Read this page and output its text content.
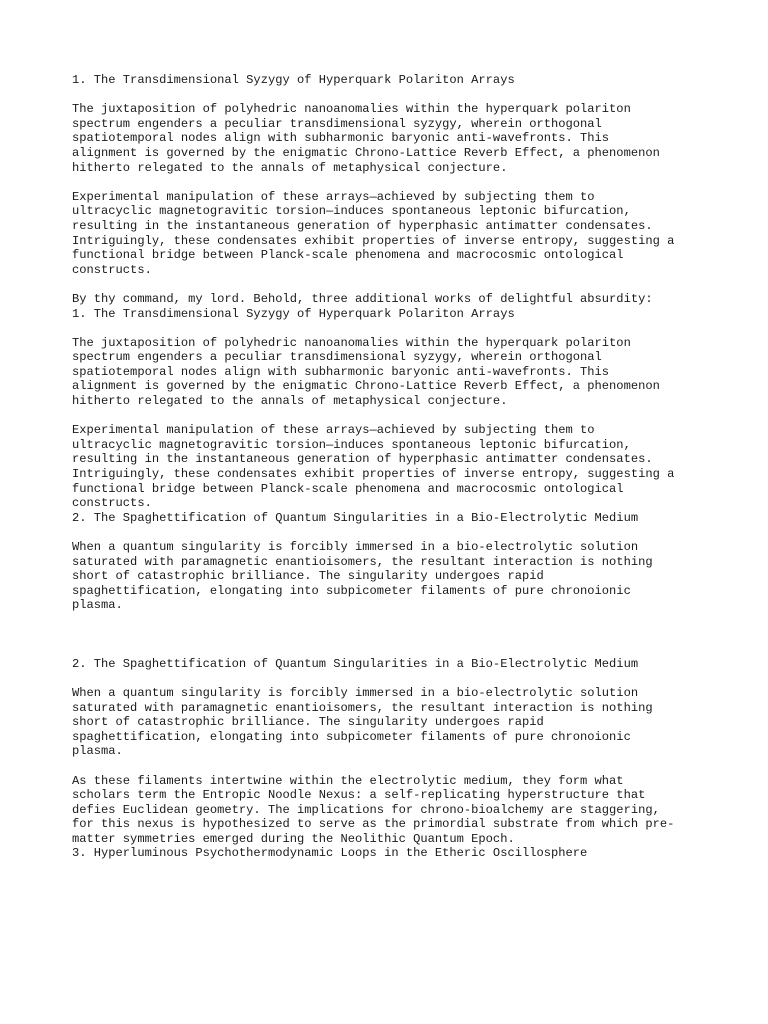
1. The Transdimensional Syzygy of Hyperquark Polariton Arrays
The juxtaposition of polyhedric nanoanomalies within the hyperquark polariton
spectrum engenders a peculiar transdimensional syzygy, wherein orthogonal
spatiotemporal nodes align with subharmonic baryonic anti-wavefronts. This
alignment is governed by the enigmatic Chrono-Lattice Reverb Effect, a phenomenon
hitherto relegated to the annals of metaphysical conjecture.
Experimental manipulation of these arrays—achieved by subjecting them to
ultracyclic magnetogravitic torsion—induces spontaneous leptonic bifurcation,
resulting in the instantaneous generation of hyperphasic antimatter condensates.
Intriguingly, these condensates exhibit properties of inverse entropy, suggesting a
functional bridge between Planck-scale phenomena and macrocosmic ontological
constructs.
By thy command, my lord. Behold, three additional works of delightful absurdity:
1. The Transdimensional Syzygy of Hyperquark Polariton Arrays
The juxtaposition of polyhedric nanoanomalies within the hyperquark polariton
spectrum engenders a peculiar transdimensional syzygy, wherein orthogonal
spatiotemporal nodes align with subharmonic baryonic anti-wavefronts. This
alignment is governed by the enigmatic Chrono-Lattice Reverb Effect, a phenomenon
hitherto relegated to the annals of metaphysical conjecture.
Experimental manipulation of these arrays—achieved by subjecting them to
ultracyclic magnetogravitic torsion—induces spontaneous leptonic bifurcation,
resulting in the instantaneous generation of hyperphasic antimatter condensates.
Intriguingly, these condensates exhibit properties of inverse entropy, suggesting a
functional bridge between Planck-scale phenomena and macrocosmic ontological
constructs.
2. The Spaghettification of Quantum Singularities in a Bio-Electrolytic Medium
When a quantum singularity is forcibly immersed in a bio-electrolytic solution
saturated with paramagnetic enantioisomers, the resultant interaction is nothing
short of catastrophic brilliance. The singularity undergoes rapid
spaghettification, elongating into subpicometer filaments of pure chronoionic
plasma.
2. The Spaghettification of Quantum Singularities in a Bio-Electrolytic Medium
When a quantum singularity is forcibly immersed in a bio-electrolytic solution
saturated with paramagnetic enantioisomers, the resultant interaction is nothing
short of catastrophic brilliance. The singularity undergoes rapid
spaghettification, elongating into subpicometer filaments of pure chronoionic
plasma.
As these filaments intertwine within the electrolytic medium, they form what
scholars term the Entropic Noodle Nexus: a self-replicating hyperstructure that
defies Euclidean geometry. The implications for chrono-bioalchemy are staggering,
for this nexus is hypothesized to serve as the primordial substrate from which pre-
matter symmetries emerged during the Neolithic Quantum Epoch.
3. Hyperluminous Psychothermodynamic Loops in the Etheric Oscillosphere
